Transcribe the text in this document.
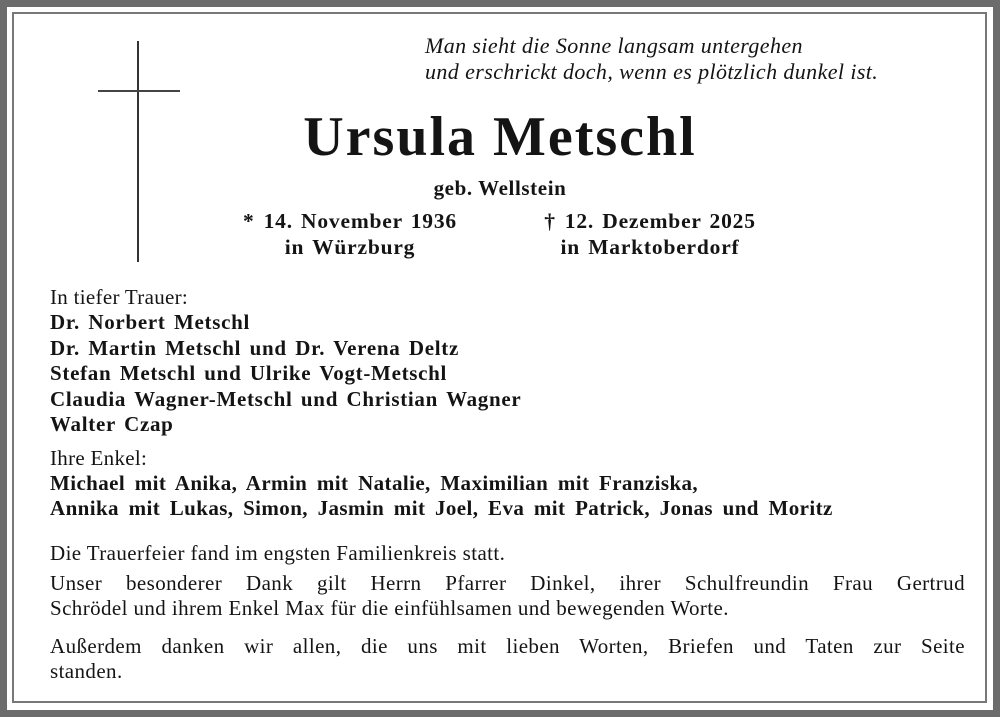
Man sieht die Sonne langsam untergehen
und erschrickt doch, wenn es plötzlich dunkel ist.
Ursula Metschl
geb. Wellstein
* 14. November 1936
in Würzburg
† 12. Dezember 2025
in Marktoberdorf
In tiefer Trauer:
Dr. Norbert Metschl
Dr. Martin Metschl und Dr. Verena Deltz
Stefan Metschl und Ulrike Vogt-Metschl
Claudia Wagner-Metschl und Christian Wagner
Walter Czap
Ihre Enkel:
Michael mit Anika, Armin mit Natalie, Maximilian mit Franziska,
Annika mit Lukas, Simon, Jasmin mit Joel, Eva mit Patrick, Jonas und Moritz
Die Trauerfeier fand im engsten Familienkreis statt.
Unser besonderer Dank gilt Herrn Pfarrer Dinkel, ihrer Schulfreundin Frau Gertrud
Schrödel und ihrem Enkel Max für die einfühlsamen und bewegenden Worte.
Außerdem danken wir allen, die uns mit lieben Worten, Briefen und Taten zur Seite
standen.
